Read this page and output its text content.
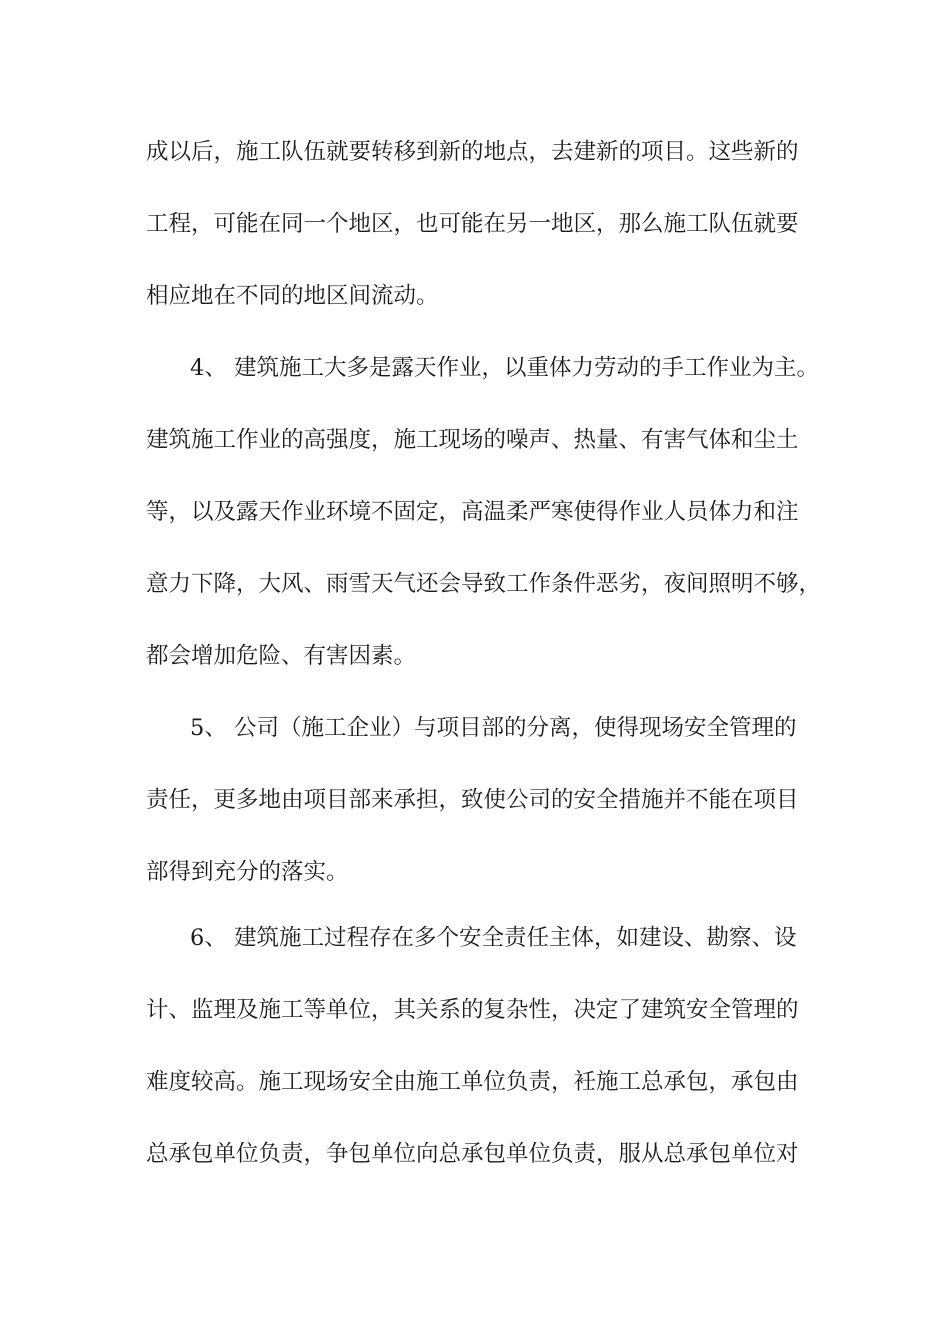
成以后，施工队伍就要转移到新的地点，去建新的项目。这些新的
工程，可能在同一个地区，也可能在另一地区，那么施工队伍就要
相应地在不同的地区间流动。
4、 建筑施工大多是露天作业，以重体力劳动的手工作业为主。
建筑施工作业的高强度，施工现场的噪声、热量、有害气体和尘土
等，以及露天作业环境不固定，高温柔严寒使得作业人员体力和注
意力下降，大风、雨雪天气还会导致工作条件恶劣，夜间照明不够，
都会增加危险、有害因素。
5、 公司（施工企业）与项目部的分离，使得现场安全管理的
责任，更多地由项目部来承担，致使公司的安全措施并不能在项目
部得到充分的落实。
6、 建筑施工过程存在多个安全责任主体，如建设、勘察、设
计、监理及施工等单位，其关系的复杂性，决定了建筑安全管理的
难度较高。施工现场安全由施工单位负责，衽施工总承包，承包由
总承包单位负责，争包单位向总承包单位负责，服从总承包单位对
